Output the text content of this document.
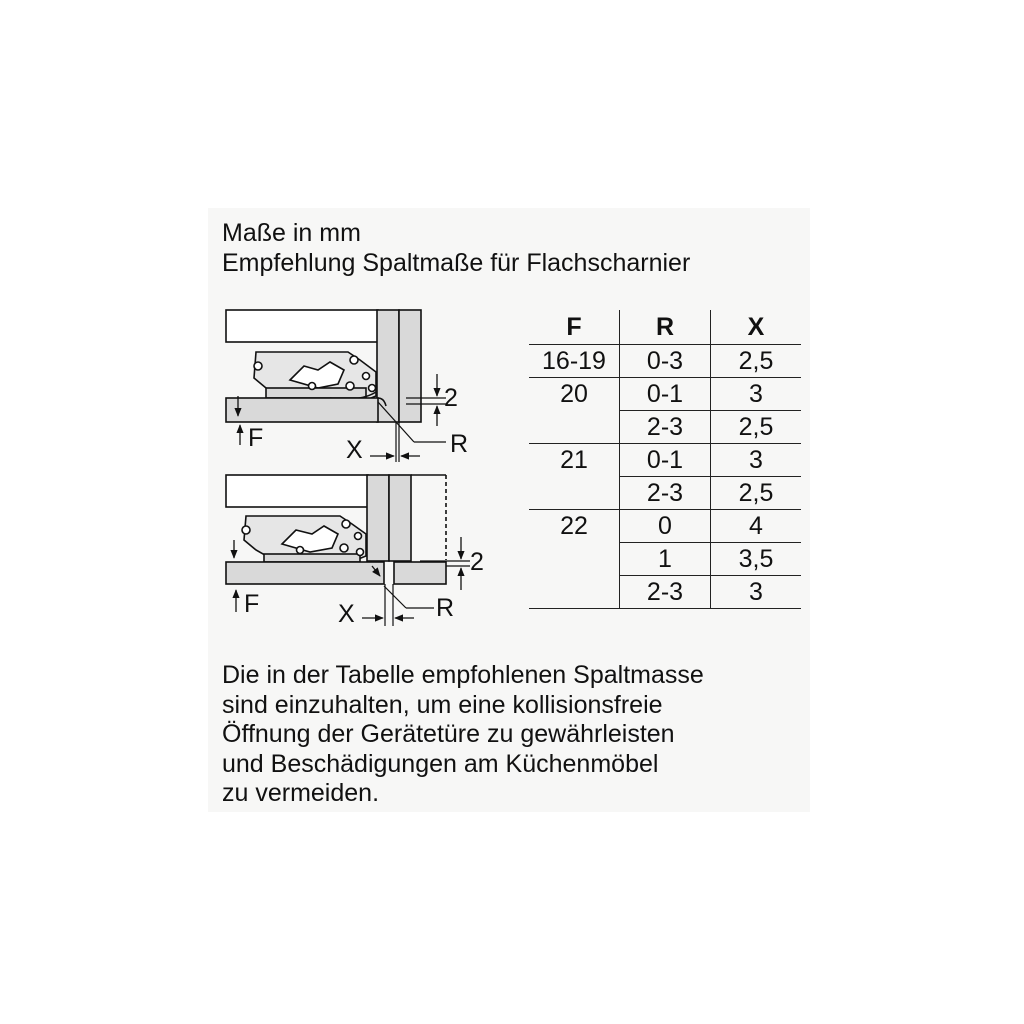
Maße in mm
Empfehlung Spaltmaße für Flachscharnier
F
2
X	R
F
2
X	R
F	R	X
16-19	0-3	2,5
20	0-1	3
	2-3	2,5
21	0-1	3
	2-3	2,5
22	0	4
	1	3,5
	2-3	3
Die in der Tabelle empfohlenen Spaltmasse
sind einzuhalten, um eine kollisionsfreie
Öffnung der Gerätetüre zu gewährleisten
und Beschädigungen am Küchenmöbel
zu vermeiden.
